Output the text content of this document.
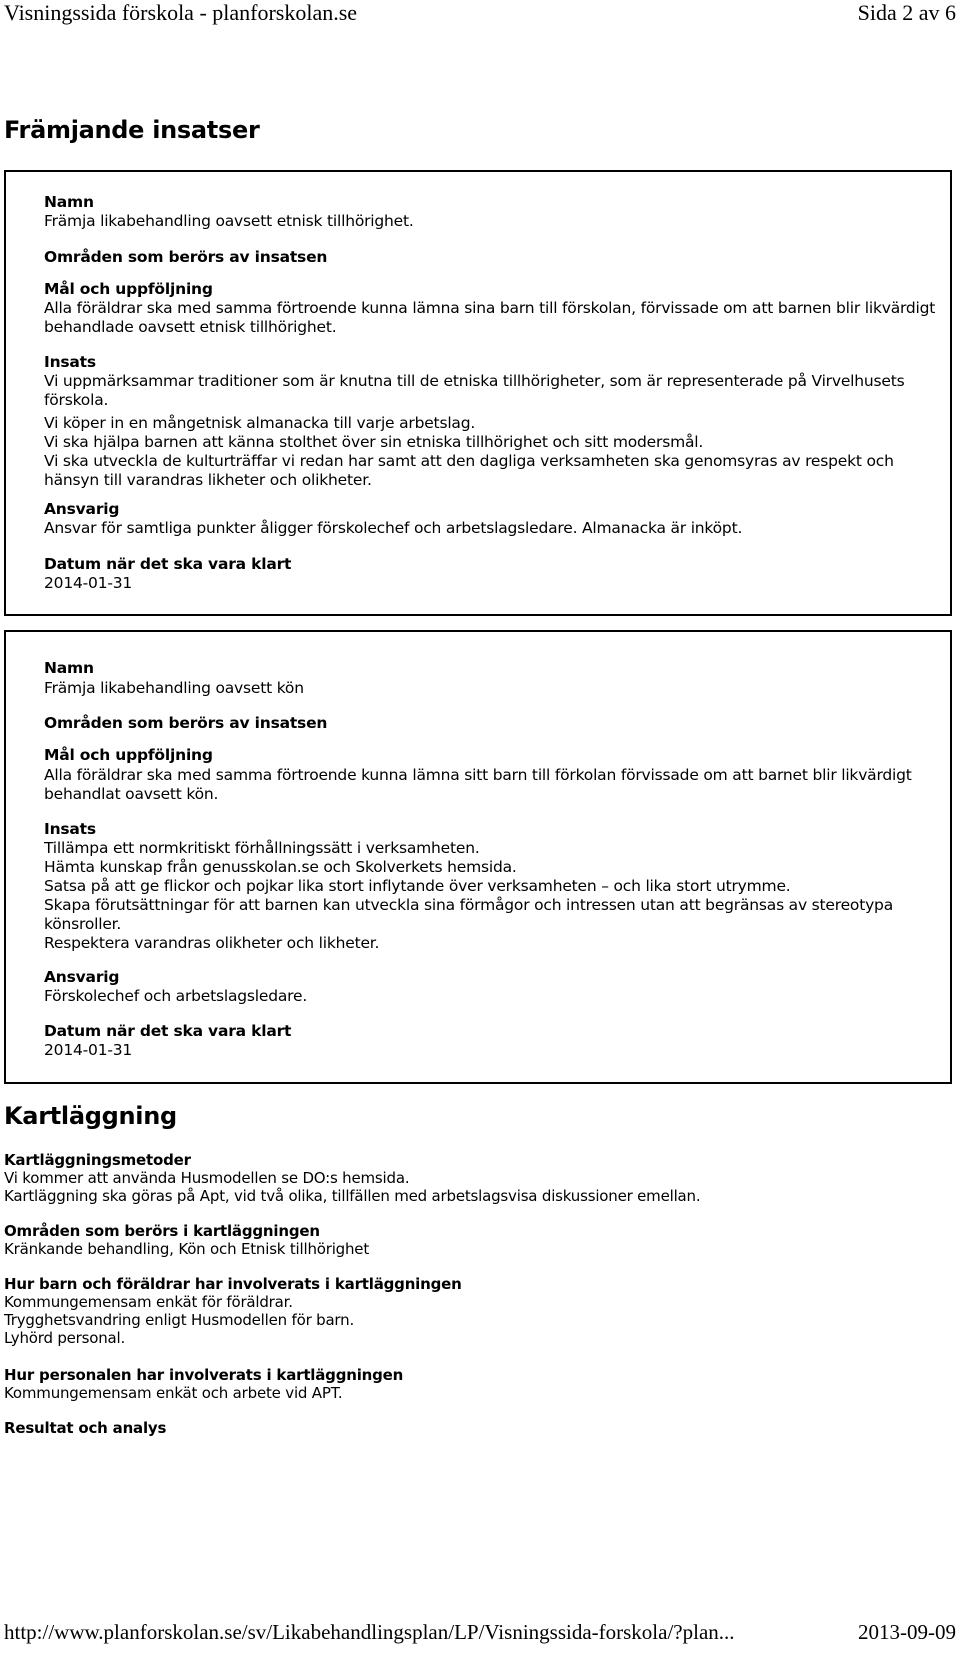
Visningssida förskola - planforskolan.se	Sida 2 av 6
Främjande insatser
Namn
Främja likabehandling oavsett etnisk tillhörighet.
Områden som berörs av insatsen
Mål och uppföljning
Alla föräldrar ska med samma förtroende kunna lämna sina barn till förskolan, förvissade om att barnen blir likvärdigt behandlade oavsett etnisk tillhörighet.
Insats
Vi uppmärksammar traditioner som är knutna till de etniska tillhörigheter, som är representerade på Virvelhusets förskola.
Vi köper in en mångetnisk almanacka till varje arbetslag.
Vi ska hjälpa barnen att känna stolthet över sin etniska tillhörighet och sitt modersmål.
Vi ska utveckla de kulturträffar vi redan har samt att den dagliga verksamheten ska genomsyras av respekt och hänsyn till varandras likheter och olikheter.
Ansvarig
Ansvar för samtliga punkter åligger förskolechef och arbetslagsledare. Almanacka är inköpt.
Datum när det ska vara klart
2014-01-31
Namn
Främja likabehandling oavsett kön
Områden som berörs av insatsen
Mål och uppföljning
Alla föräldrar ska med samma förtroende kunna lämna sitt barn till förkolan förvissade om att barnet blir likvärdigt behandlat oavsett kön.
Insats
Tillämpa ett normkritiskt förhållningssätt i verksamheten.
Hämta kunskap från genusskolan.se och Skolverkets hemsida.
Satsa på att ge flickor och pojkar lika stort inflytande över verksamheten – och lika stort utrymme.
Skapa förutsättningar för att barnen kan utveckla sina förmågor och intressen utan att begränsas av stereotypa könsroller.
Respektera varandras olikheter och likheter.
Ansvarig
Förskolechef och arbetslagsledare.
Datum när det ska vara klart
2014-01-31
Kartläggning
Kartläggningsmetoder
Vi kommer att använda Husmodellen se DO:s hemsida.
Kartläggning ska göras på Apt, vid två olika, tillfällen med arbetslagsvisa diskussioner emellan.
Områden som berörs i kartläggningen
Kränkande behandling, Kön och Etnisk tillhörighet
Hur barn och föräldrar har involverats i kartläggningen
Kommungemensam enkät för föräldrar.
Trygghetsvandring enligt Husmodellen för barn.
Lyhörd personal.
Hur personalen har involverats i kartläggningen
Kommungemensam enkät och arbete vid APT.
Resultat och analys
http://www.planforskolan.se/sv/Likabehandlingsplan/LP/Visningssida-forskola/?plan...	2013-09-09
